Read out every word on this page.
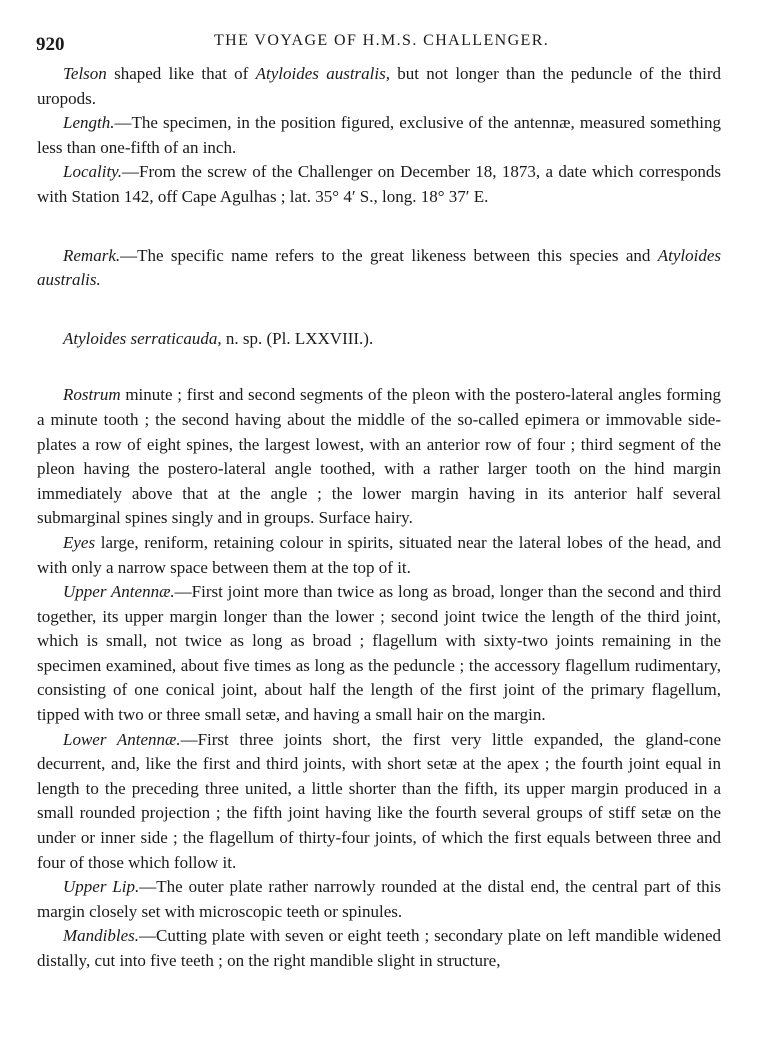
920	THE VOYAGE OF H.M.S. CHALLENGER.

Telson shaped like that of Atyloides australis, but not longer than the peduncle of the third uropods.

Length.—The specimen, in the position figured, exclusive of the antennæ, measured something less than one-fifth of an inch.

Locality.—From the screw of the Challenger on December 18, 1873, a date which corresponds with Station 142, off Cape Agulhas ; lat. 35° 4′ S., long. 18° 37′ E.

Remark.—The specific name refers to the great likeness between this species and Atyloides australis.

Atyloides serraticauda, n. sp. (Pl. LXXVIII.).

Rostrum minute ; first and second segments of the pleon with the postero-lateral angles forming a minute tooth ; the second having about the middle of the so-called epimera or immovable side-plates a row of eight spines, the largest lowest, with an anterior row of four ; third segment of the pleon having the postero-lateral angle toothed, with a rather larger tooth on the hind margin immediately above that at the angle ; the lower margin having in its anterior half several submarginal spines singly and in groups. Surface hairy.

Eyes large, reniform, retaining colour in spirits, situated near the lateral lobes of the head, and with only a narrow space between them at the top of it.

Upper Antennæ.—First joint more than twice as long as broad, longer than the second and third together, its upper margin longer than the lower ; second joint twice the length of the third joint, which is small, not twice as long as broad ; flagellum with sixty-two joints remaining in the specimen examined, about five times as long as the peduncle ; the accessory flagellum rudimentary, consisting of one conical joint, about half the length of the first joint of the primary flagellum, tipped with two or three small setæ, and having a small hair on the margin.

Lower Antennæ.—First three joints short, the first very little expanded, the gland-cone decurrent, and, like the first and third joints, with short setæ at the apex ; the fourth joint equal in length to the preceding three united, a little shorter than the fifth, its upper margin produced in a small rounded projection ; the fifth joint having like the fourth several groups of stiff setæ on the under or inner side ; the flagellum of thirty-four joints, of which the first equals between three and four of those which follow it.

Upper Lip.—The outer plate rather narrowly rounded at the distal end, the central part of this margin closely set with microscopic teeth or spinules.

Mandibles.—Cutting plate with seven or eight teeth ; secondary plate on left mandible widened distally, cut into five teeth ; on the right mandible slight in structure,
